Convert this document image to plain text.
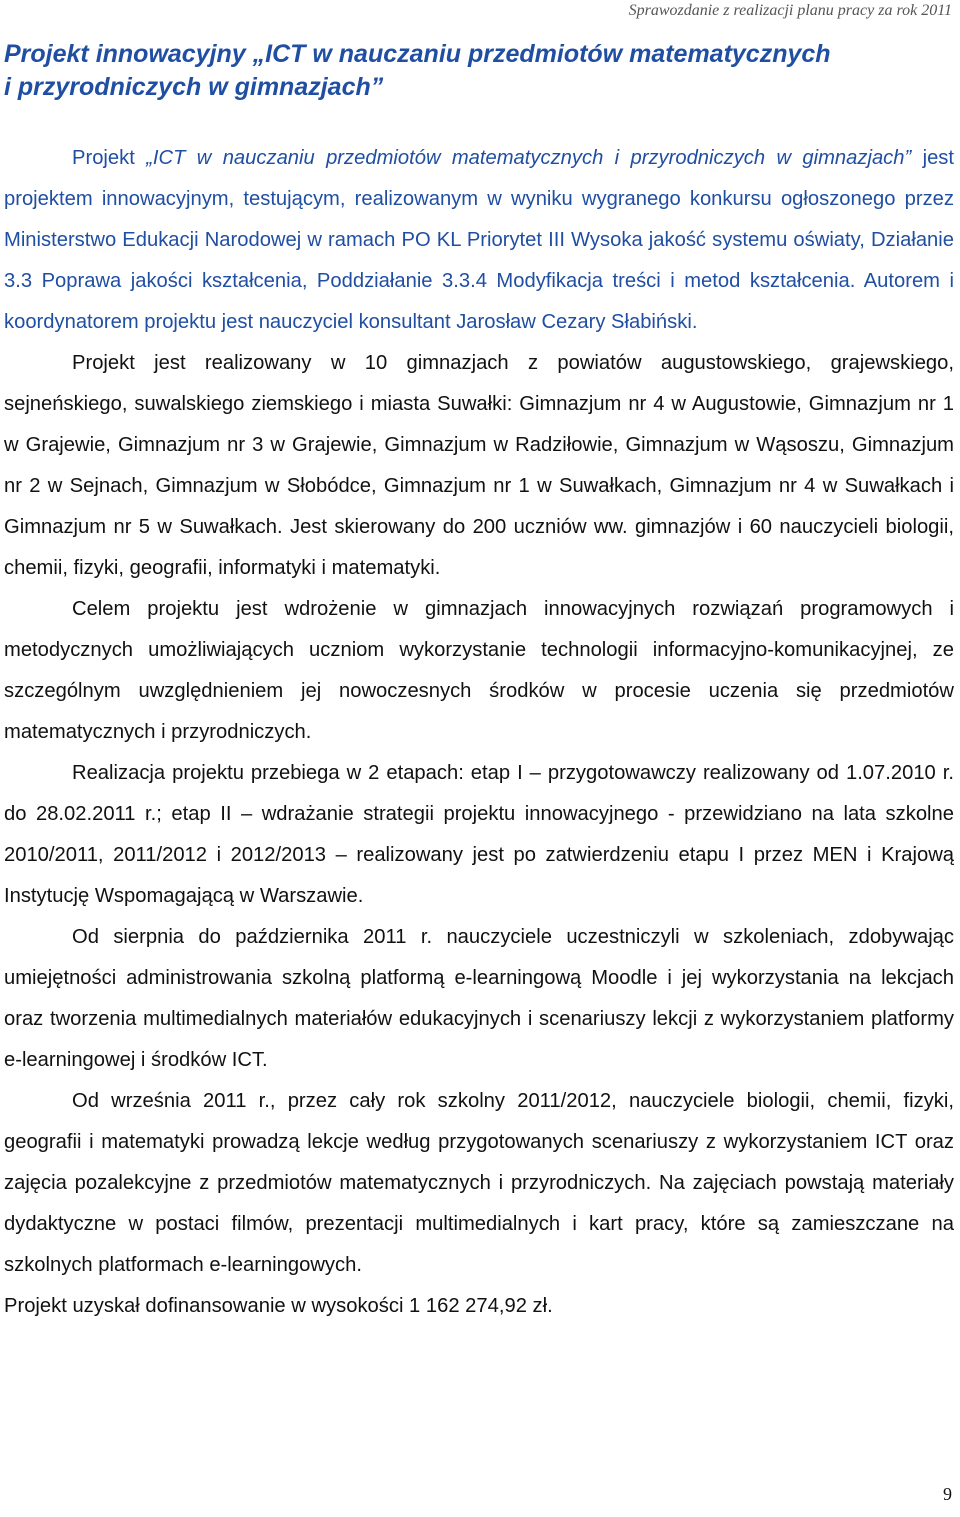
Sprawozdanie z realizacji planu pracy za rok 2011
Projekt innowacyjny „ICT w nauczaniu przedmiotów matematycznych
i przyrodniczych w gimnazjach”

Projekt „ICT w nauczaniu przedmiotów matematycznych i przyrodniczych w gimnazjach” jest projektem innowacyjnym, testującym, realizowanym w wyniku wygranego konkursu ogłoszonego przez Ministerstwo Edukacji Narodowej w ramach PO KL Priorytet III Wysoka jakość systemu oświaty, Działanie 3.3 Poprawa jakości kształcenia, Poddziałanie 3.3.4 Modyfikacja treści i metod kształcenia. Autorem i koordynatorem projektu jest nauczyciel konsultant Jarosław Cezary Słabiński.

Projekt jest realizowany w 10 gimnazjach z powiatów augustowskiego, grajewskiego, sejneńskiego, suwalskiego ziemskiego i miasta Suwałki: Gimnazjum nr 4 w Augustowie, Gimnazjum nr 1 w Grajewie, Gimnazjum nr 3 w Grajewie, Gimnazjum w Radziłowie, Gimnazjum w Wąsoszu, Gimnazjum nr 2 w Sejnach, Gimnazjum w Słobódce, Gimnazjum nr 1 w Suwałkach, Gimnazjum nr 4 w Suwałkach i Gimnazjum nr 5 w Suwałkach. Jest skierowany do 200 uczniów ww. gimnazjów i 60 nauczycieli biologii, chemii, fizyki, geografii, informatyki i matematyki.

Celem projektu jest wdrożenie w gimnazjach innowacyjnych rozwiązań programowych i metodycznych umożliwiających uczniom wykorzystanie technologii informacyjno-komunikacyjnej, ze szczególnym uwzględnieniem jej nowoczesnych środków w procesie uczenia się przedmiotów matematycznych i przyrodniczych.

Realizacja projektu przebiega w 2 etapach: etap I – przygotowawczy realizowany od 1.07.2010 r. do 28.02.2011 r.; etap II – wdrażanie strategii projektu innowacyjnego - przewidziano na lata szkolne 2010/2011, 2011/2012 i 2012/2013 – realizowany jest po zatwierdzeniu etapu I przez MEN i Krajową Instytucję Wspomagającą w Warszawie.

Od sierpnia do października 2011 r. nauczyciele uczestniczyli w szkoleniach, zdobywając umiejętności administrowania szkolną platformą e-learningową Moodle i jej wykorzystania na lekcjach oraz tworzenia multimedialnych materiałów edukacyjnych i scenariuszy lekcji z wykorzystaniem platformy e-learningowej i środków ICT.

Od września 2011 r., przez cały rok szkolny 2011/2012, nauczyciele biologii, chemii, fizyki, geografii i matematyki prowadzą lekcje według przygotowanych scenariuszy z wykorzystaniem ICT oraz zajęcia pozalekcyjne z przedmiotów matematycznych i przyrodniczych. Na zajęciach powstają materiały dydaktyczne w postaci filmów, prezentacji multimedialnych i kart pracy, które są zamieszczane na szkolnych platformach e-learningowych.

Projekt uzyskał dofinansowanie w wysokości 1 162 274,92 zł.

9
